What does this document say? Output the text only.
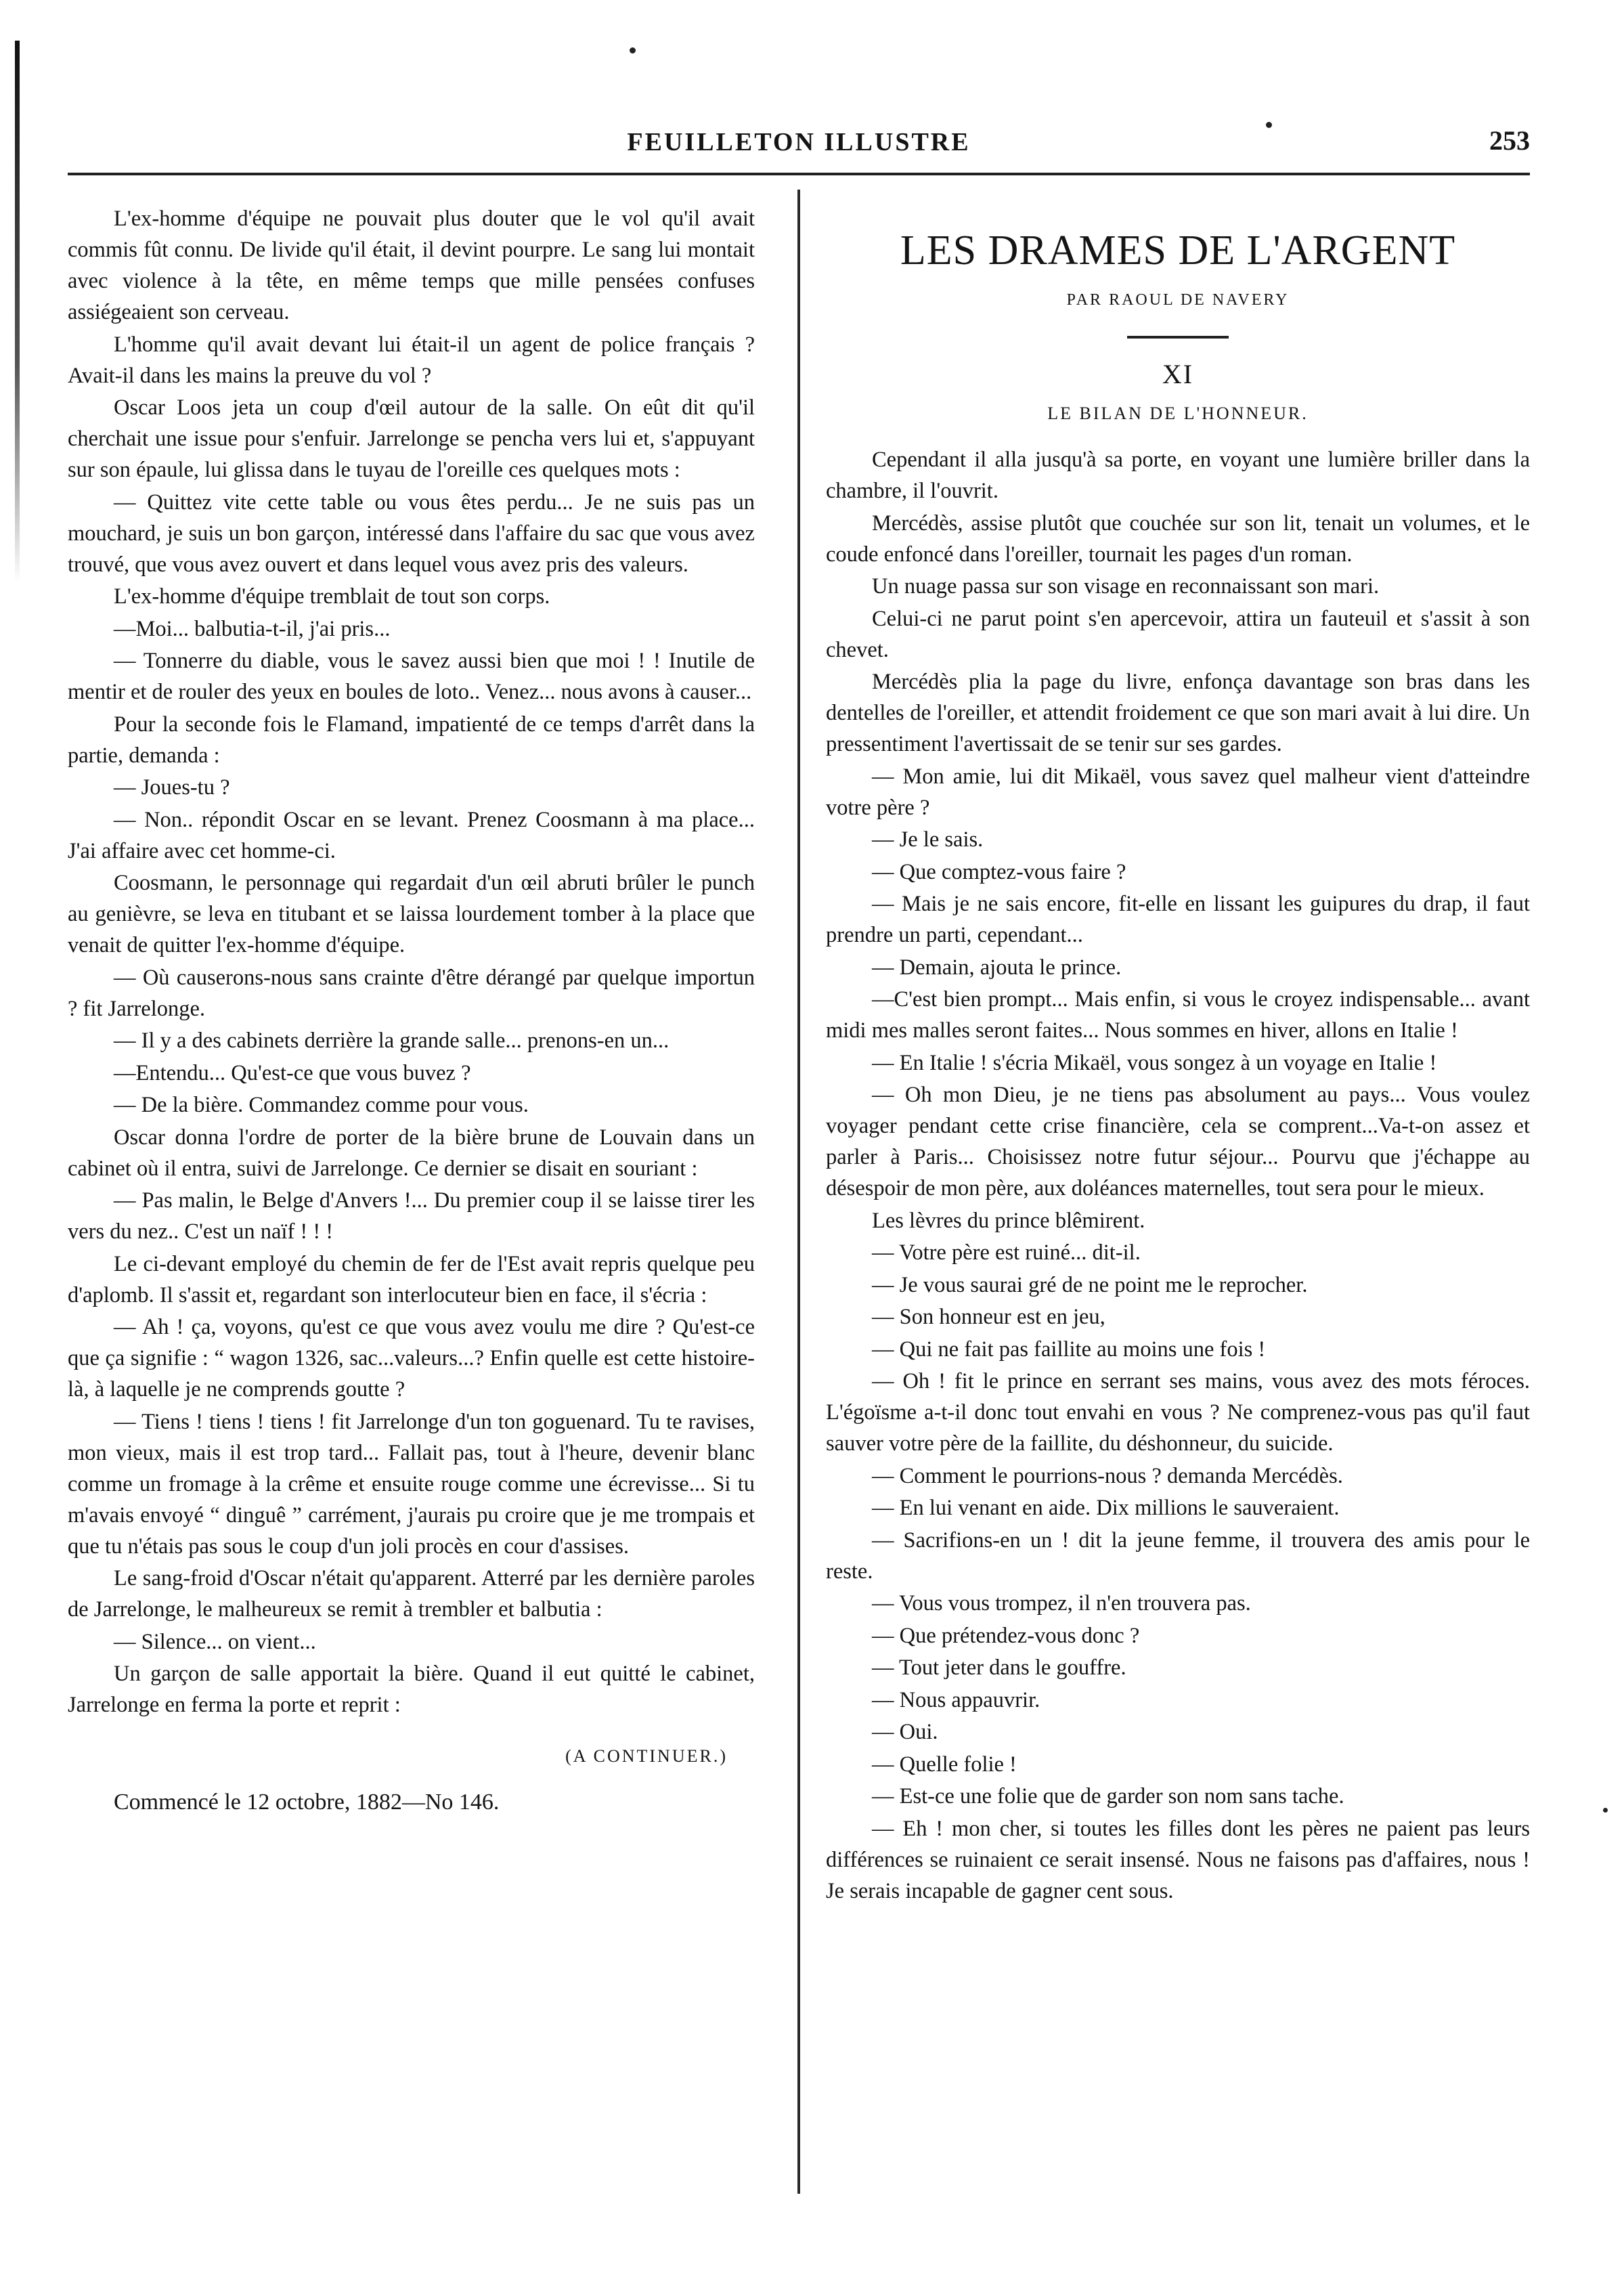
FEUILLETON ILLUSTRE	253

L'ex-homme d'équipe ne pouvait plus douter que le vol qu'il avait commis fût connu. De livide qu'il était, il devint pourpre. Le sang lui montait avec violence à la tête, en même temps que mille pensées confuses assiégeaient son cerveau.

L'homme qu'il avait devant lui était-il un agent de police français ? Avait-il dans les mains la preuve du vol ?

Oscar Loos jeta un coup d'œil autour de la salle. On eût dit qu'il cherchait une issue pour s'enfuir. Jarrelonge se pencha vers lui et, s'appuyant sur son épaule, lui glissa dans le tuyau de l'oreille ces quelques mots :

— Quittez vite cette table ou vous êtes perdu... Je ne suis pas un mouchard, je suis un bon garçon, intéressé dans l'affaire du sac que vous avez trouvé, que vous avez ouvert et dans lequel vous avez pris des valeurs.

L'ex-homme d'équipe tremblait de tout son corps.

—Moi... balbutia-t-il, j'ai pris...

— Tonnerre du diable, vous le savez aussi bien que moi ! ! Inutile de mentir et de rouler des yeux en boules de loto.. Venez... nous avons à causer...

Pour la seconde fois le Flamand, impatienté de ce temps d'arrêt dans la partie, demanda :

— Joues-tu ?

— Non.. répondit Oscar en se levant. Prenez Coosmann à ma place... J'ai affaire avec cet homme-ci.

Coosmann, le personnage qui regardait d'un œil abruti brûler le punch au genièvre, se leva en titubant et se laissa lourdement tomber à la place que venait de quitter l'ex-homme d'équipe.

— Où causerons-nous sans crainte d'être dérangé par quelque importun ? fit Jarrelonge.

— Il y a des cabinets derrière la grande salle... prenons-en un...

—Entendu... Qu'est-ce que vous buvez ?

— De la bière. Commandez comme pour vous.

Oscar donna l'ordre de porter de la bière brune de Louvain dans un cabinet où il entra, suivi de Jarrelonge. Ce dernier se disait en souriant :

— Pas malin, le Belge d'Anvers !... Du premier coup il se laisse tirer les vers du nez.. C'est un naïf ! ! !

Le ci-devant employé du chemin de fer de l'Est avait repris quelque peu d'aplomb. Il s'assit et, regardant son interlocuteur bien en face, il s'écria :

— Ah ! ça, voyons, qu'est ce que vous avez voulu me dire ? Qu'est-ce que ça signifie : “ wagon 1326, sac...valeurs...? Enfin quelle est cette histoire-là, à laquelle je ne comprends goutte ?

— Tiens ! tiens ! tiens ! fit Jarrelonge d'un ton goguenard. Tu te ravises, mon vieux, mais il est trop tard... Fallait pas, tout à l'heure, devenir blanc comme un fromage à la crême et ensuite rouge comme une écrevisse... Si tu m'avais envoyé “ dinguê ” carrément, j'aurais pu croire que je me trompais et que tu n'étais pas sous le coup d'un joli procès en cour d'assises.

Le sang-froid d'Oscar n'était qu'apparent. Atterré par les dernière paroles de Jarrelonge, le malheureux se remit à trembler et balbutia :

— Silence... on vient...

Un garçon de salle apportait la bière. Quand il eut quitté le cabinet, Jarrelonge en ferma la porte et reprit :

(A CONTINUER.)

Commencé le 12 octobre, 1882—No 146.

LES DRAMES DE L'ARGENT
PAR RAOUL DE NAVERY
XI
LE BILAN DE L'HONNEUR.

Cependant il alla jusqu'à sa porte, en voyant une lumière briller dans la chambre, il l'ouvrit.

Mercédès, assise plutôt que couchée sur son lit, tenait un volumes, et le coude enfoncé dans l'oreiller, tournait les pages d'un roman.

Un nuage passa sur son visage en reconnaissant son mari.

Celui-ci ne parut point s'en apercevoir, attira un fauteuil et s'assit à son chevet.

Mercédès plia la page du livre, enfonça davantage son bras dans les dentelles de l'oreiller, et attendit froidement ce que son mari avait à lui dire. Un pressentiment l'avertissait de se tenir sur ses gardes.

— Mon amie, lui dit Mikaël, vous savez quel malheur vient d'atteindre votre père ?

— Je le sais.

— Que comptez-vous faire ?

— Mais je ne sais encore, fit-elle en lissant les guipures du drap, il faut prendre un parti, cependant...

— Demain, ajouta le prince.

—C'est bien prompt... Mais enfin, si vous le croyez indispensable... avant midi mes malles seront faites... Nous sommes en hiver, allons en Italie !

— En Italie ! s'écria Mikaël, vous songez à un voyage en Italie !

— Oh mon Dieu, je ne tiens pas absolument au pays... Vous voulez voyager pendant cette crise financière, cela se comprent...Va-t-on assez et parler à Paris... Choisissez notre futur séjour... Pourvu que j'échappe au désespoir de mon père, aux doléances maternelles, tout sera pour le mieux.

Les lèvres du prince blêmirent.

— Votre père est ruiné... dit-il.

— Je vous saurai gré de ne point me le reprocher.

— Son honneur est en jeu,

— Qui ne fait pas faillite au moins une fois !

— Oh ! fit le prince en serrant ses mains, vous avez des mots féroces. L'égoïsme a-t-il donc tout envahi en vous ? Ne comprenez-vous pas qu'il faut sauver votre père de la faillite, du déshonneur, du suicide.

— Comment le pourrions-nous ? demanda Mercédès.

— En lui venant en aide. Dix millions le sauveraient.

— Sacrifions-en un ! dit la jeune femme, il trouvera des amis pour le reste.

— Vous vous trompez, il n'en trouvera pas.

— Que prétendez-vous donc ?

— Tout jeter dans le gouffre.

— Nous appauvrir.

— Oui.

— Quelle folie !

— Est-ce une folie que de garder son nom sans tache.

— Eh ! mon cher, si toutes les filles dont les pères ne paient pas leurs différences se ruinaient ce serait insensé. Nous ne faisons pas d'affaires, nous ! Je serais incapable de gagner cent sous.
